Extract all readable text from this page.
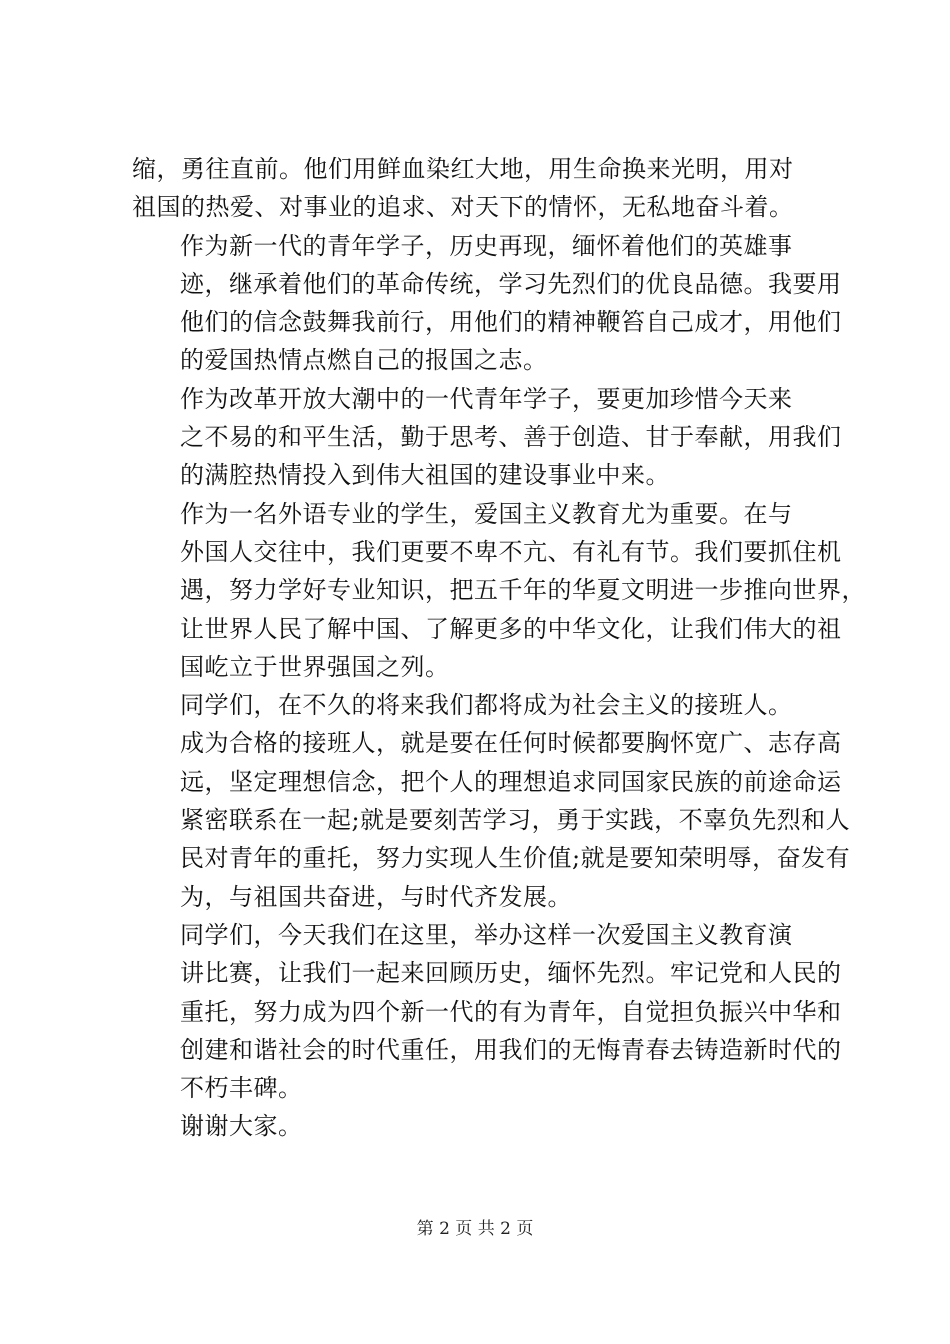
缩，勇往直前。他们用鲜血染红大地，用生命换来光明，用对
祖国的热爱、对事业的追求、对天下的情怀，无私地奋斗着。

作为新一代的青年学子，历史再现，缅怀着他们的英雄事
迹，继承着他们的革命传统，学习先烈们的优良品德。我要用
他们的信念鼓舞我前行，用他们的精神鞭笞自己成才，用他们
的爱国热情点燃自己的报国之志。

作为改革开放大潮中的一代青年学子，要更加珍惜今天来
之不易的和平生活，勤于思考、善于创造、甘于奉献，用我们
的满腔热情投入到伟大祖国的建设事业中来。

作为一名外语专业的学生，爱国主义教育尤为重要。在与
外国人交往中，我们更要不卑不亢、有礼有节。我们要抓住机
遇，努力学好专业知识，把五千年的华夏文明进一步推向世界，
让世界人民了解中国、了解更多的中华文化，让我们伟大的祖
国屹立于世界强国之列。

同学们，在不久的将来我们都将成为社会主义的接班人。
成为合格的接班人，就是要在任何时候都要胸怀宽广、志存高
远，坚定理想信念，把个人的理想追求同国家民族的前途命运
紧密联系在一起;就是要刻苦学习，勇于实践，不辜负先烈和人
民对青年的重托，努力实现人生价值;就是要知荣明辱，奋发有
为，与祖国共奋进，与时代齐发展。

同学们，今天我们在这里，举办这样一次爱国主义教育演
讲比赛，让我们一起来回顾历史，缅怀先烈。牢记党和人民的
重托，努力成为四个新一代的有为青年，自觉担负振兴中华和
创建和谐社会的时代重任，用我们的无悔青春去铸造新时代的
不朽丰碑。

谢谢大家。

第 2 页 共 2 页
